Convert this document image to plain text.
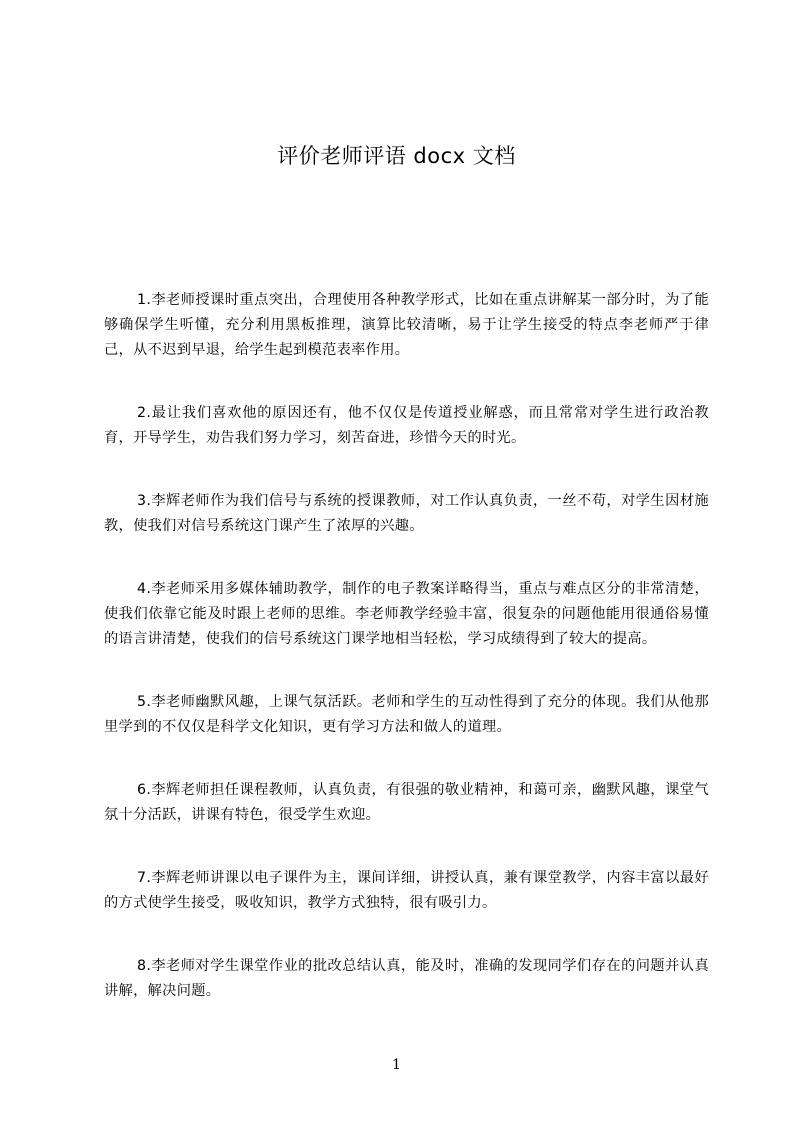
评价老师评语 docx 文档

1.李老师授课时重点突出，合理使用各种教学形式，比如在重点讲解某一部分时，为了能够确保学生听懂，充分利用黑板推理，演算比较清晰，易于让学生接受的特点李老师严于律己，从不迟到早退，给学生起到模范表率作用。

2.最让我们喜欢他的原因还有，他不仅仅是传道授业解惑，而且常常对学生进行政治教育，开导学生，劝告我们努力学习，刻苦奋进，珍惜今天的时光。

3.李辉老师作为我们信号与系统的授课教师，对工作认真负责，一丝不苟，对学生因材施教，使我们对信号系统这门课产生了浓厚的兴趣。

4.李老师采用多媒体辅助教学，制作的电子教案详略得当，重点与难点区分的非常清楚，使我们依靠它能及时跟上老师的思维。李老师教学经验丰富，很复杂的问题他能用很通俗易懂的语言讲清楚，使我们的信号系统这门课学地相当轻松，学习成绩得到了较大的提高。

5.李老师幽默风趣，上课气氛活跃。老师和学生的互动性得到了充分的体现。我们从他那里学到的不仅仅是科学文化知识，更有学习方法和做人的道理。

6.李辉老师担任课程教师，认真负责，有很强的敬业精神，和蔼可亲，幽默风趣，课堂气氛十分活跃，讲课有特色，很受学生欢迎。

7.李辉老师讲课以电子课件为主，课间详细，讲授认真，兼有课堂教学，内容丰富以最好的方式使学生接受，吸收知识，教学方式独特，很有吸引力。

8.李老师对学生课堂作业的批改总结认真，能及时，准确的发现同学们存在的问题并认真讲解，解决问题。

1
